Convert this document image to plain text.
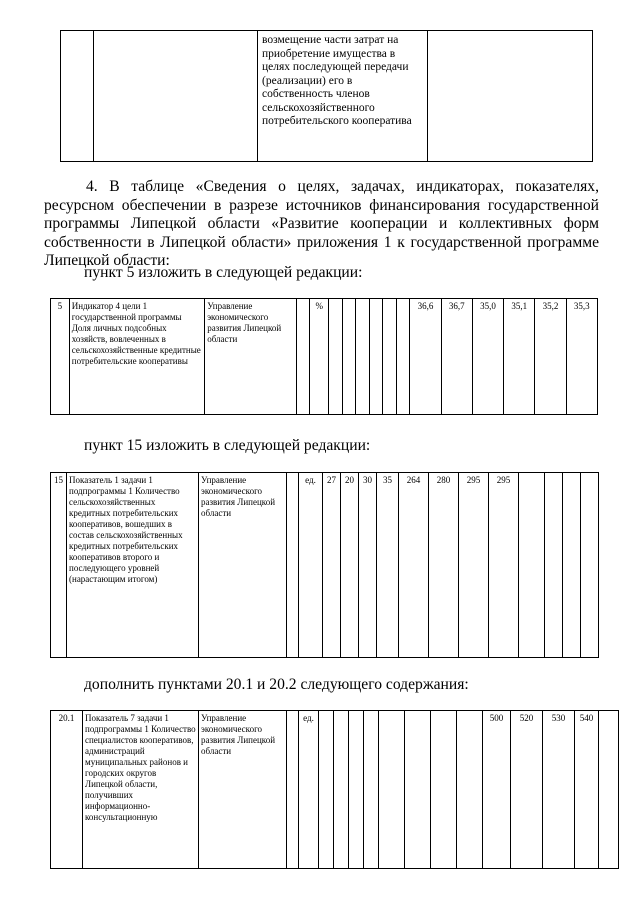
		возмещение части затрат на приобретение имущества в целях последующей передачи (реализации) его в собственность членов сельскохозяйственного потребительского кооператива	
4. В таблице «Сведения о целях, задачах, индикаторах, показателях, ресурсном обеспечении в разрезе источников финансирования государственной программы Липецкой области «Развитие кооперации и коллективных форм собственности в Липецкой области» приложения 1 к государственной программе Липецкой области:
пункт 5 изложить в следующей редакции:
5	Индикатор 4 цели 1 государственной программы Доля личных подсобных хозяйств, вовлеченных в сельскохозяйственные кредитные потребительские кооперативы	Управление экономического развития Липецкой области		%							36,6	36,7	35,0	35,1	35,2	35,3
пункт 15 изложить в следующей редакции:
15	Показатель 1 задачи 1 подпрограммы 1 Количество сельскохозяйственных кредитных потребительских кооперативов, вошедших в состав сельскохозяйственных кредитных потребительских кооперативов второго и последующего уровней (нарастающим итогом)	Управление экономического развития Липецкой области		ед.	27	20	30	35	264	280	295	295				
дополнить пунктами 20.1 и 20.2 следующего содержания:
20.1	Показатель 7 задачи 1 подпрограммы 1 Количество специалистов кооперативов, администраций муниципальных районов и городских округов Липецкой области, получивших информационно-консультационную	Управление экономического развития Липецкой области		ед.									500	520	530	540	
